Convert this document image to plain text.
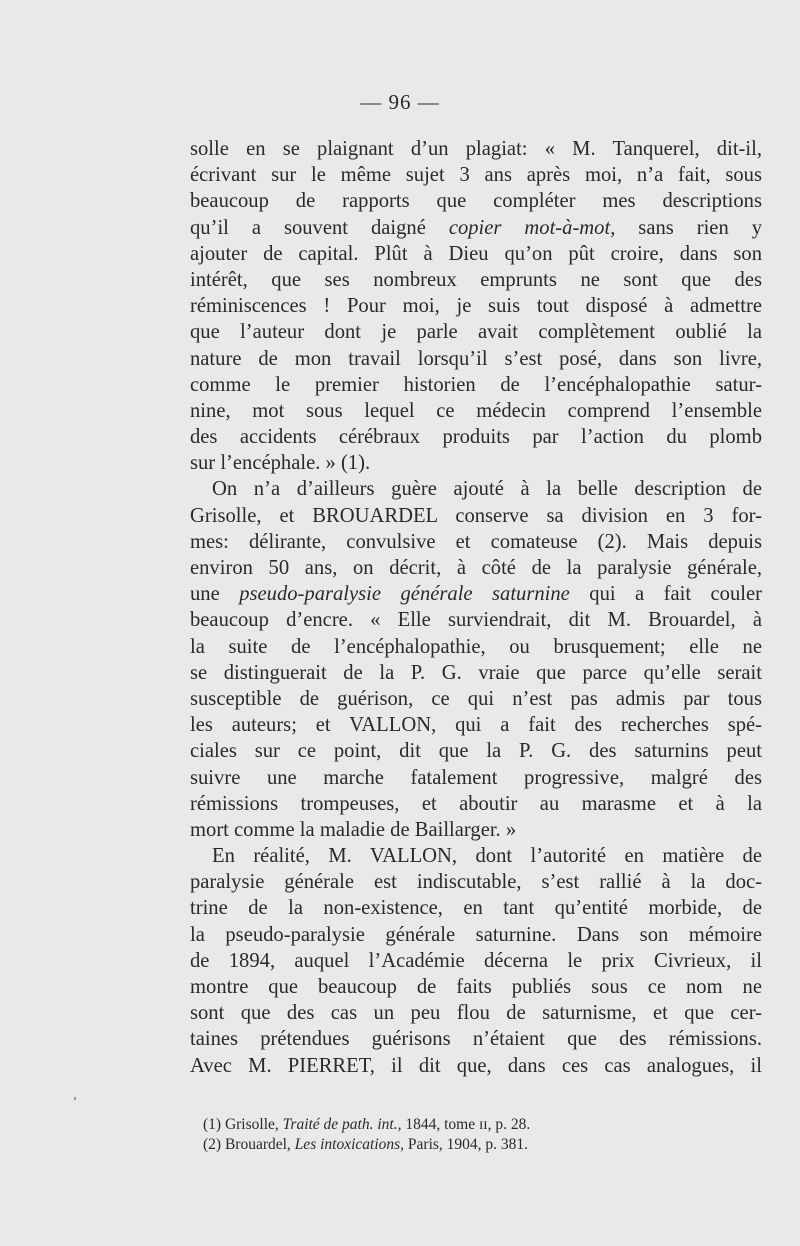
— 96 —
solle en se plaignant d’un plagiat: « M. Tanquerel, dit-il,
écrivant sur le même sujet 3 ans après moi, n’a fait, sous
beaucoup de rapports que compléter mes descriptions
qu’il a souvent daigné copier mot-à-mot, sans rien y
ajouter de capital. Plût à Dieu qu’on pût croire, dans son
intérêt, que ses nombreux emprunts ne sont que des
réminiscences ! Pour moi, je suis tout disposé à admettre
que l’auteur dont je parle avait complètement oublié la
nature de mon travail lorsqu’il s’est posé, dans son livre,
comme le premier historien de l’encéphalopathie satur-
nine, mot sous lequel ce médecin comprend l’ensemble
des accidents cérébraux produits par l’action du plomb
sur l’encéphale. » (1).
On n’a d’ailleurs guère ajouté à la belle description de
Grisolle, et BROUARDEL conserve sa division en 3 for-
mes: délirante, convulsive et comateuse (2). Mais depuis
environ 50 ans, on décrit, à côté de la paralysie générale,
une pseudo-paralysie générale saturnine qui a fait couler
beaucoup d’encre. « Elle surviendrait, dit M. Brouardel, à
la suite de l’encéphalopathie, ou brusquement; elle ne
se distinguerait de la P. G. vraie que parce qu’elle serait
susceptible de guérison, ce qui n’est pas admis par tous
les auteurs; et VALLON, qui a fait des recherches spé-
ciales sur ce point, dit que la P. G. des saturnins peut
suivre une marche fatalement progressive, malgré des
rémissions trompeuses, et aboutir au marasme et à la
mort comme la maladie de Baillarger. »
En réalité, M. VALLON, dont l’autorité en matière de
paralysie générale est indiscutable, s’est rallié à la doc-
trine de la non-existence, en tant qu’entité morbide, de
la pseudo-paralysie générale saturnine. Dans son mémoire
de 1894, auquel l’Académie décerna le prix Civrieux, il
montre que beaucoup de faits publiés sous ce nom ne
sont que des cas un peu flou de saturnisme, et que cer-
taines prétendues guérisons n’étaient que des rémissions.
Avec M. PIERRET, il dit que, dans ces cas analogues, il
(1) Grisolle, Traité de path. int., 1844, tome ɪɪ, p. 28.
(2) Brouardel, Les intoxications, Paris, 1904, p. 381.
